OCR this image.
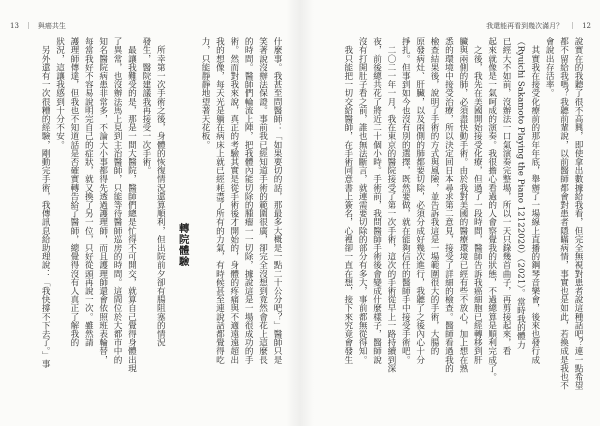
13 ｜ 與癌共生	我還能再看到幾次滿月？ ｜ 12
說實在的我聽了很不高興，即使拿出數據給我看，但完全無視對患者說這種話吧？連一點希望
都不留給我嗎？我聽前輩說，以前醫師都會對患者隱瞞病情，事實也是如此，若換成是我也不
會說出存活率。
　其實我在接受化療前的那年年底，舉辦了一場線上直播的鋼琴音樂會，後來也發行成
（Ryuichi Sakamoto Playing the Piano 12122020）（2021）。當時我的體力
已經大不如前，沒辦法一口氣演奏完整場，所以一天只錄幾首曲子，再剪接起來，看
起來就像是一氣呵成的演奏。我很擔心看過的人會察覺我的狀態，不過總算是順利完成了。
　之後，我先在美國開始接受化療，但過了一段時間，醫師告訴我癌細胞已經轉移到肝
臟與兩側的肺，必須盡快動手術。由於我對美國的醫療環境已經有些不放心，加上想在熟
悉的環境中接受治療，所以決定回日本尋求第二意見，接受了詳細的檢查。醫師看過我的
檢查結果後，說明了手術的方式與風險，並告訴我這是一場範圍很大的手術，大腸的
原發病灶、肝臟，以及兩側的肺都要切除，必須分成好幾次進行，我聽了之後內心十分
掙扎。但事到如今也沒有別的選擇，既然要做，就在能夠信任的醫師手中接受手術吧。
　二〇二一年一月，我在東京的醫院接受了第一次手術，這次的手術從早上一路持續到深
夜，前後總共花了將近二十個小時。手術前，我問醫師手術後會變成什麼樣子，醫師說
沒有打開肚子看之前，誰也無法斷言，就連需要切除的部分有多大，事前都無從得知。
　我只能把一切交給醫師，在手術同意書上簽名，心裡卻一直在想，接下來究竟會發生
什麼事。我甚至問醫師：「如果要切的話，那最多大概是一點二十公分吧？」醫師只是
笑著說沒辦法保證。事前我已經知道手術的範圍很廣，卻完全沒想到竟然會花上這麼長
的時間。醫師們輪流上陣，把我體內能切除的腫瘤一一切除，據說這是一場很成功的手
術。然而對我來說，真正的考驗其實是從手術後才開始的，身體的疼痛與不適遠遠超出
我的想像，每天光是躺在病床上就已經耗盡了所有的力氣，有時候甚至連說話都覺得吃
力，只能靜靜地望著天花板。
轉院體驗
　所幸第一次手術之後，身體的恢復情況還算順利，但出院前夕卻有腸阻塞的情況
發生，醫院建議我再接受一次手術。
　最讓我難受的是，那是一間大醫院，醫師們總是忙得不可開交，就算自己覺得身體出現
了異常，也沒辦法馬上見到主治醫師，只能等待醫師巡房的時間。這間位於大都市中的
知名醫院病患非常多，不論大小事都得先透過護理師，而且護理師還會依照班表輪替，
每當我好不容易說明完自己的症狀，就又換了另一位，只好從頭再說一次。雖然請
護理師傳達，但我也不知道話是否確實轉告給了醫師，總覺得沒有人真正了解我的
狀況，這讓我感到十分不安。
　另外還有一次很糟的經驗，剛動完手術，我傳訊息給助理說：「我快撐不下去了。」事
